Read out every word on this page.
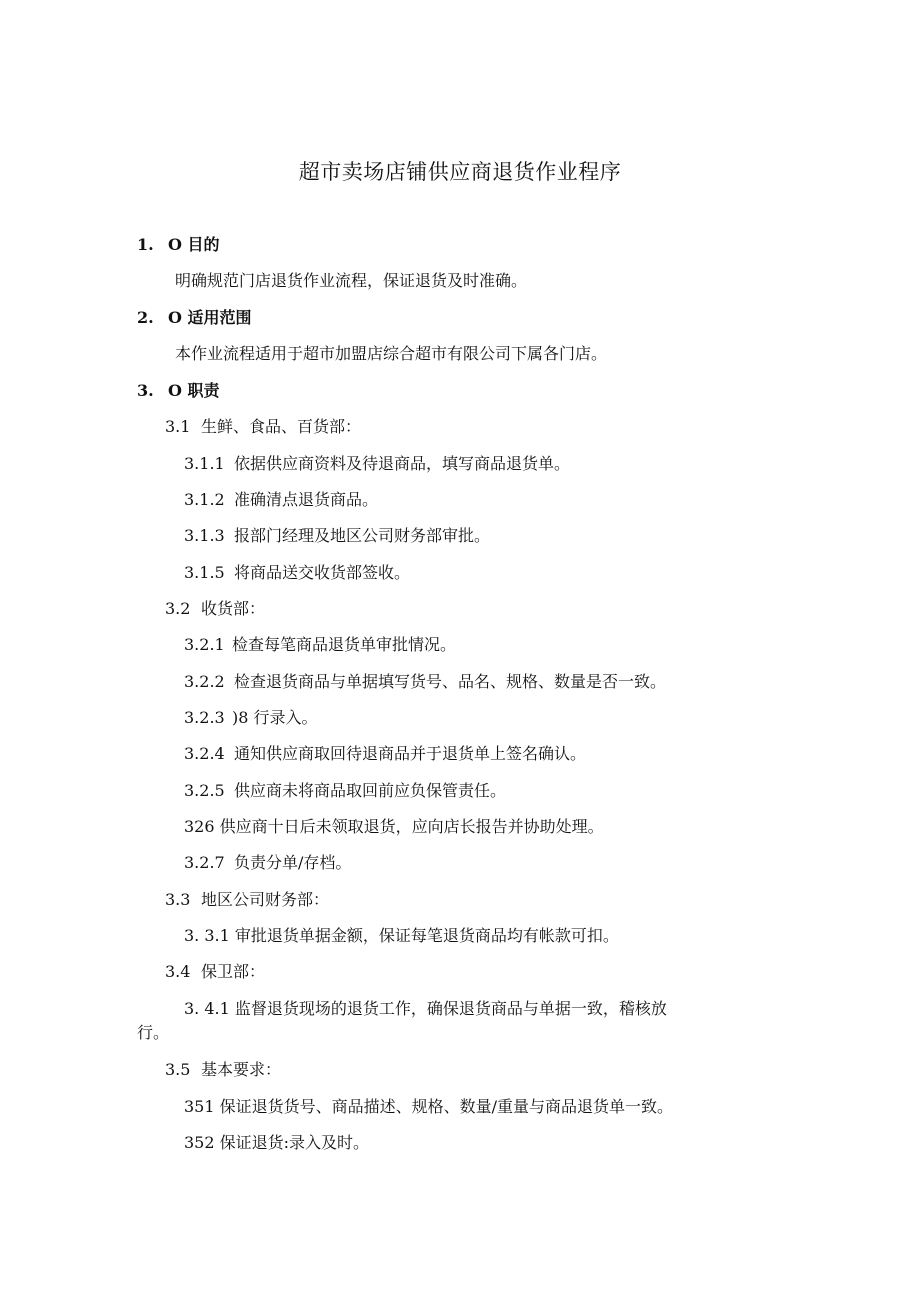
超市卖场店铺供应商退货作业程序
1. O 目的
明确规范门店退货作业流程，保证退货及时准确。
2. O 适用范围
本作业流程适用于超市加盟店综合超市有限公司下属各门店。
3. O 职责
3.1 生鲜、食品、百货部：
3.1.1 依据供应商资料及待退商品，填写商品退货单。
3.1.2 准确清点退货商品。
3.1.3 报部门经理及地区公司财务部审批。
3.1.5 将商品送交收货部签收。
3.2 收货部：
3.2.1 检查每笔商品退货单审批情况。
3.2.2 检查退货商品与单据填写货号、品名、规格、数量是否一致。
3.2.3 )8 行录入。
3.2.4 通知供应商取回待退商品并于退货单上签名确认。
3.2.5 供应商未将商品取回前应负保管责任。
326 供应商十日后未领取退货，应向店长报告并协助处理。
3.2.7 负责分单/存档。
3.3 地区公司财务部：
3. 3.1 审批退货单据金额，保证每笔退货商品均有帐款可扣。
3.4 保卫部：
3. 4.1 监督退货现场的退货工作，确保退货商品与单据一致，稽核放
行。
3.5 基本要求：
351 保证退货货号、商品描述、规格、数量/重量与商品退货单一致。
352 保证退货:录入及时。
